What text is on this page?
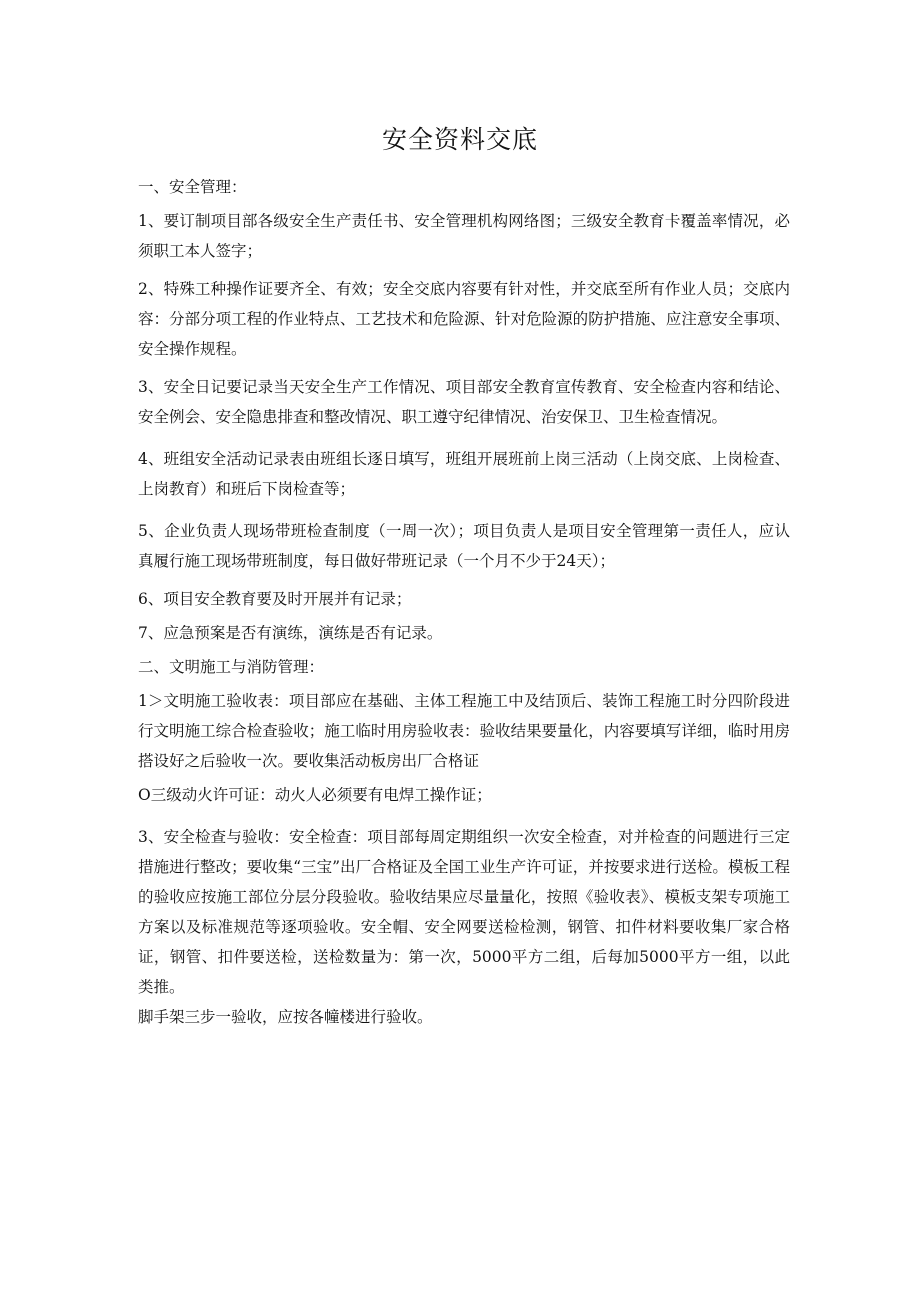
安全资料交底

一、安全管理：

1、要订制项目部各级安全生产责任书、安全管理机构网络图；三级安全教育卡覆盖率情况，必须职工本人签字；

2、特殊工种操作证要齐全、有效；安全交底内容要有针对性，并交底至所有作业人员；交底内容：分部分项工程的作业特点、工艺技术和危险源、针对危险源的防护措施、应注意安全事项、安全操作规程。

3、安全日记要记录当天安全生产工作情况、项目部安全教育宣传教育、安全检查内容和结论、安全例会、安全隐患排查和整改情况、职工遵守纪律情况、治安保卫、卫生检查情况。

4、班组安全活动记录表由班组长逐日填写，班组开展班前上岗三活动（上岗交底、上岗检查、上岗教育）和班后下岗检查等；

5、企业负责人现场带班检查制度（一周一次）；项目负责人是项目安全管理第一责任人，应认真履行施工现场带班制度，每日做好带班记录（一个月不少于24天）；

6、项目安全教育要及时开展并有记录；

7、应急预案是否有演练，演练是否有记录。

二、文明施工与消防管理：

1＞文明施工验收表：项目部应在基础、主体工程施工中及结顶后、装饰工程施工时分四阶段进行文明施工综合检查验收；施工临时用房验收表：验收结果要量化，内容要填写详细，临时用房搭设好之后验收一次。要收集活动板房出厂合格证

O三级动火许可证：动火人必须要有电焊工操作证；

3、安全检查与验收：安全检查：项目部每周定期组织一次安全检查，对并检查的问题进行三定措施进行整改；要收集“三宝”出厂合格证及全国工业生产许可证，并按要求进行送检。模板工程的验收应按施工部位分层分段验收。验收结果应尽量量化，按照《验收表》、模板支架专项施工方案以及标准规范等逐项验收。安全帽、安全网要送检检测，钢管、扣件材料要收集厂家合格证，钢管、扣件要送检，送检数量为：第一次，5000平方二组，后每加5000平方一组，以此类推。

脚手架三步一验收，应按各幢楼进行验收。
